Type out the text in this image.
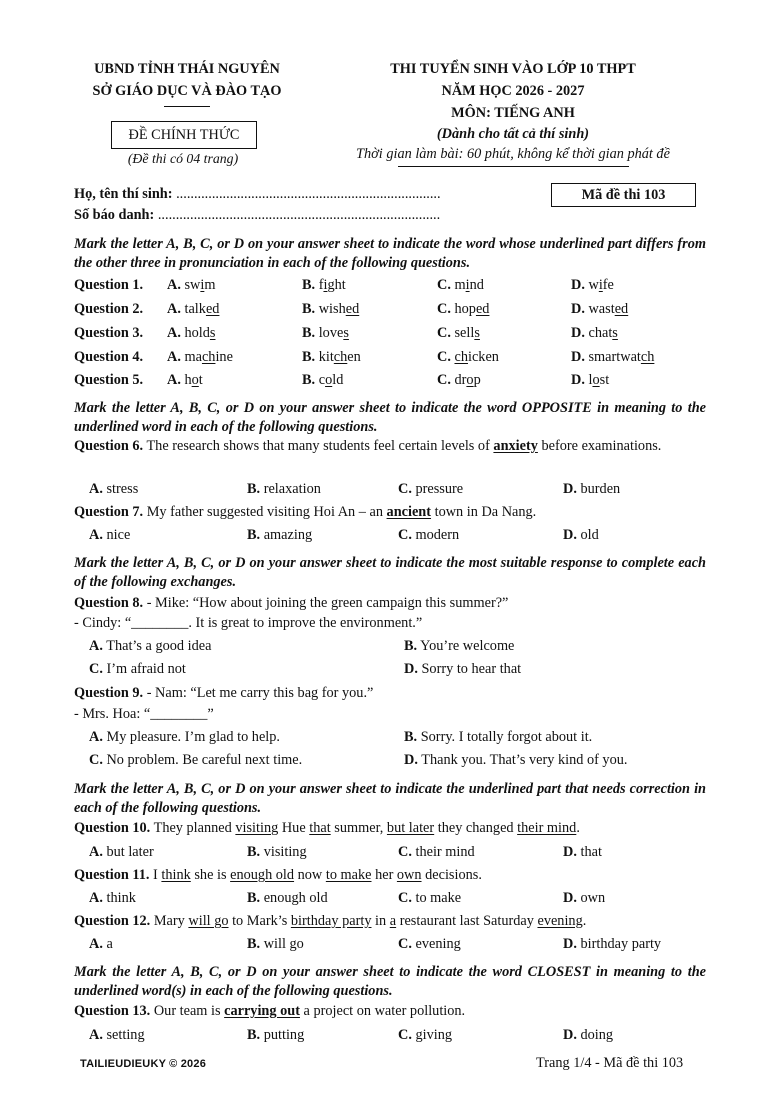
UBND TỈNH THÁI NGUYÊN
SỞ GIÁO DỤC VÀ ĐÀO TẠO
ĐỀ CHÍNH THỨC
(Đề thi có 04 trang)
THI TUYỂN SINH VÀO LỚP 10 THPT
NĂM HỌC 2026 - 2027
MÔN: TIẾNG ANH
(Dành cho tất cả thí sinh)
Thời gian làm bài: 60 phút, không kể thời gian phát đề
Họ, tên thí sinh: ..........................................................................
Số báo danh: ...............................................................................
Mã đề thi 103
Mark the letter A, B, C, or D on your answer sheet to indicate the word whose underlined part differs from the other three in pronunciation in each of the following questions.
Question 1. A. swim	B. fight	C. mind	D. wife
Question 2. A. talked	B. wished	C. hoped	D. wasted
Question 3. A. holds	B. loves	C. sells	D. chats
Question 4. A. machine	B. kitchen	C. chicken	D. smartwatch
Question 5. A. hot	B. cold	C. drop	D. lost
Mark the letter A, B, C, or D on your answer sheet to indicate the word OPPOSITE in meaning to the underlined word in each of the following questions.
Question 6. The research shows that many students feel certain levels of anxiety before examinations.
A. stress	B. relaxation	C. pressure	D. burden
Question 7. My father suggested visiting Hoi An – an ancient town in Da Nang.
A. nice	B. amazing	C. modern	D. old
Mark the letter A, B, C, or D on your answer sheet to indicate the most suitable response to complete each of the following exchanges.
Question 8. - Mike: “How about joining the green campaign this summer?”
- Cindy: “________. It is great to improve the environment.”
A. That’s a good idea	B. You’re welcome
C. I’m afraid not	D. Sorry to hear that
Question 9. - Nam: “Let me carry this bag for you.”
- Mrs. Hoa: “________”
A. My pleasure. I’m glad to help.	B. Sorry. I totally forgot about it.
C. No problem. Be careful next time.	D. Thank you. That’s very kind of you.
Mark the letter A, B, C, or D on your answer sheet to indicate the underlined part that needs correction in each of the following questions.
Question 10. They planned visiting Hue that summer, but later they changed their mind.
A. but later	B. visiting	C. their mind	D. that
Question 11. I think she is enough old now to make her own decisions.
A. think	B. enough old	C. to make	D. own
Question 12. Mary will go to Mark’s birthday party in a restaurant last Saturday evening.
A. a	B. will go	C. evening	D. birthday party
Mark the letter A, B, C, or D on your answer sheet to indicate the word CLOSEST in meaning to the underlined word(s) in each of the following questions.
Question 13. Our team is carrying out a project on water pollution.
A. setting	B. putting	C. giving	D. doing
TAILIEUDIEUKY © 2026	Trang 1/4 - Mã đề thi 103
